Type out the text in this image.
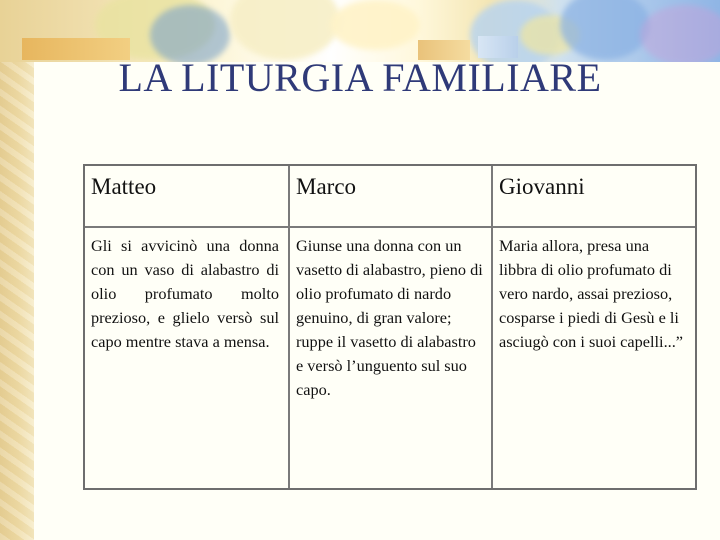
LA LITURGIA FAMILIARE
Matteo	Marco	Giovanni
Gli si avvicinò una donna con un vaso di alabastro di olio profumato molto prezioso, e glielo versò sul capo mentre stava a mensa.
Giunse una donna con un vasetto di alabastro, pieno di olio profumato di nardo genuino, di gran valore; ruppe il vasetto di alabastro e versò l’unguento sul suo capo.
Maria allora, presa una libbra di olio profumato di vero nardo, assai prezioso, cosparse i piedi di Gesù e li asciugò con i suoi capelli...”
